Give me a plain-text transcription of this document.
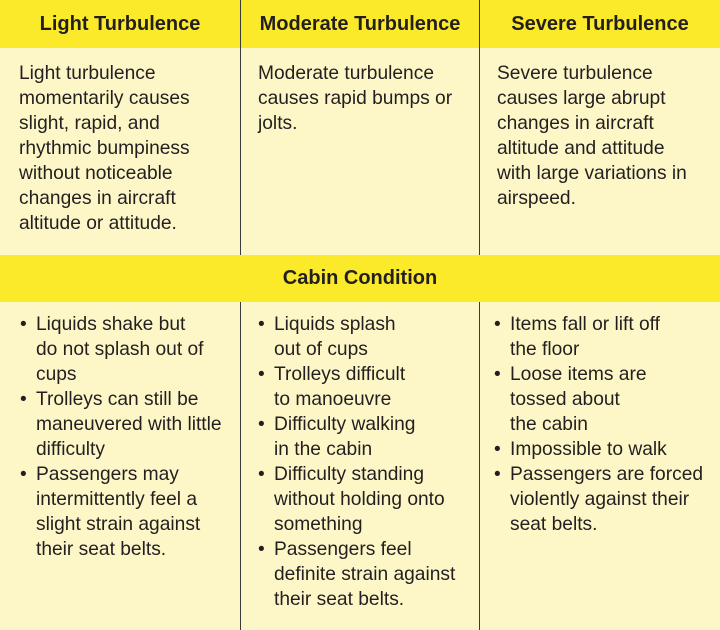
Light Turbulence	Moderate Turbulence	Severe Turbulence
Light turbulence
momentarily causes
slight, rapid, and
rhythmic bumpiness
without noticeable
changes in aircraft
altitude or attitude.
Moderate turbulence
causes rapid bumps or
jolts.
Severe turbulence
causes large abrupt
changes in aircraft
altitude and attitude
with large variations in
airspeed.
Cabin Condition
• Liquids shake but
do not splash out of
cups
• Trolleys can still be
maneuvered with little
difficulty
• Passengers may
intermittently feel a
slight strain against
their seat belts.
• Liquids splash
out of cups
• Trolleys difficult
to manoeuvre
• Difficulty walking
in the cabin
• Difficulty standing
without holding onto
something
• Passengers feel
definite strain against
their seat belts.
• Items fall or lift off
the floor
• Loose items are
tossed about
the cabin
• Impossible to walk
• Passengers are forced
violently against their
seat belts.
